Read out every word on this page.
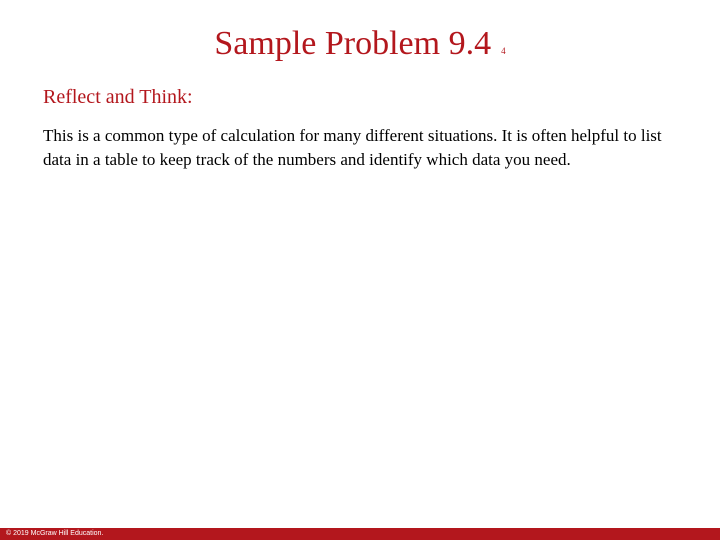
Sample Problem 9.4 4
Reflect and Think:
This is a common type of calculation for many different situations. It is often helpful to list data in a table to keep track of the numbers and identify which data you need.
© 2019 McGraw Hill Education.
